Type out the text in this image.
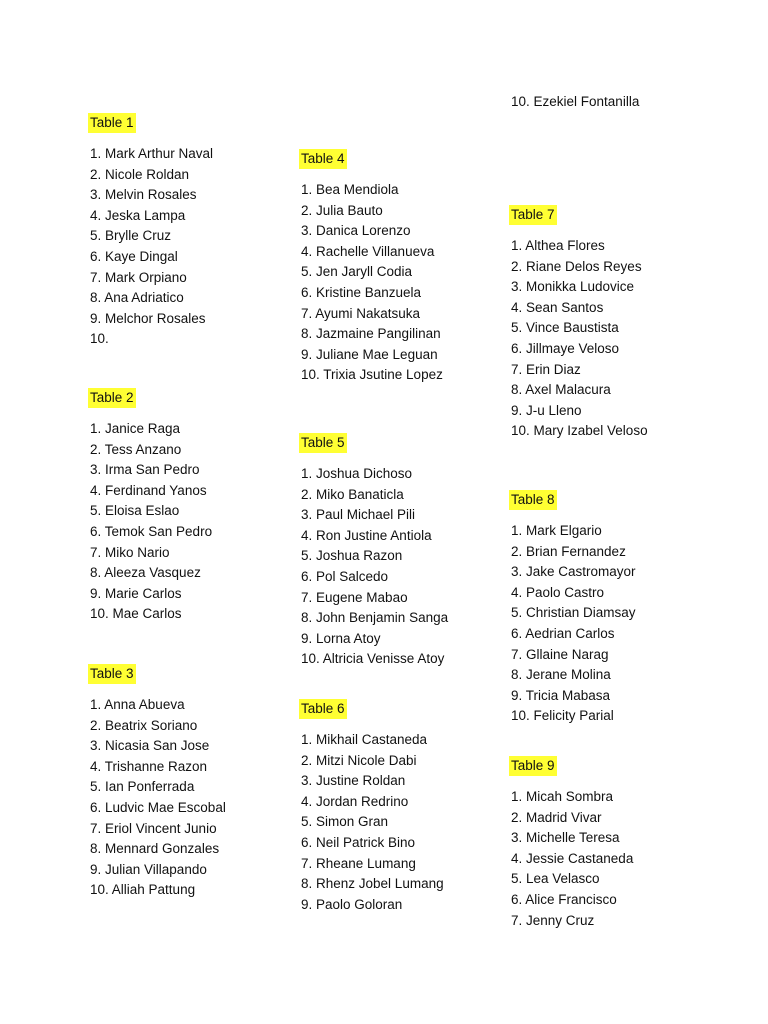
Table 1
1. Mark Arthur Naval
2. Nicole Roldan
3. Melvin Rosales
4. Jeska Lampa
5. Brylle Cruz
6. Kaye Dingal
7. Mark Orpiano
8. Ana Adriatico
9. Melchor Rosales
10.
Table 2
1. Janice Raga
2. Tess Anzano
3. Irma San Pedro
4. Ferdinand Yanos
5. Eloisa Eslao
6. Temok San Pedro
7. Miko Nario
8. Aleeza Vasquez
9. Marie Carlos
10. Mae Carlos
Table 3
1. Anna Abueva
2. Beatrix Soriano
3. Nicasia San Jose
4. Trishanne Razon
5. Ian Ponferrada
6. Ludvic Mae Escobal
7. Eriol Vincent Junio
8. Mennard Gonzales
9. Julian Villapando
10. Alliah Pattung
Table 4
1. Bea Mendiola
2. Julia Bauto
3. Danica Lorenzo
4. Rachelle Villanueva
5. Jen Jaryll Codia
6. Kristine Banzuela
7. Ayumi Nakatsuka
8. Jazmaine Pangilinan
9. Juliane Mae Leguan
10. Trixia Jsutine Lopez
Table 5
1. Joshua Dichoso
2. Miko Banaticla
3. Paul Michael Pili
4. Ron Justine Antiola
5. Joshua Razon
6. Pol Salcedo
7. Eugene Mabao
8. John Benjamin Sanga
9. Lorna Atoy
10. Altricia Venisse Atoy
Table 6
1. Mikhail Castaneda
2. Mitzi Nicole Dabi
3. Justine Roldan
4. Jordan Redrino
5. Simon Gran
6. Neil Patrick Bino
7. Rheane Lumang
8. Rhenz Jobel Lumang
9. Paolo Goloran
10. Ezekiel Fontanilla
Table 7
1. Althea Flores
2. Riane Delos Reyes
3. Monikka Ludovice
4. Sean Santos
5. Vince Baustista
6. Jillmaye Veloso
7. Erin Diaz
8. Axel Malacura
9. J-u Lleno
10. Mary Izabel Veloso
Table 8
1. Mark Elgario
2. Brian Fernandez
3. Jake Castromayor
4. Paolo Castro
5. Christian Diamsay
6. Aedrian Carlos
7. Gllaine Narag
8. Jerane Molina
9. Tricia Mabasa
10. Felicity Parial
Table 9
1. Micah Sombra
2. Madrid Vivar
3. Michelle Teresa
4. Jessie Castaneda
5. Lea Velasco
6. Alice Francisco
7. Jenny Cruz
